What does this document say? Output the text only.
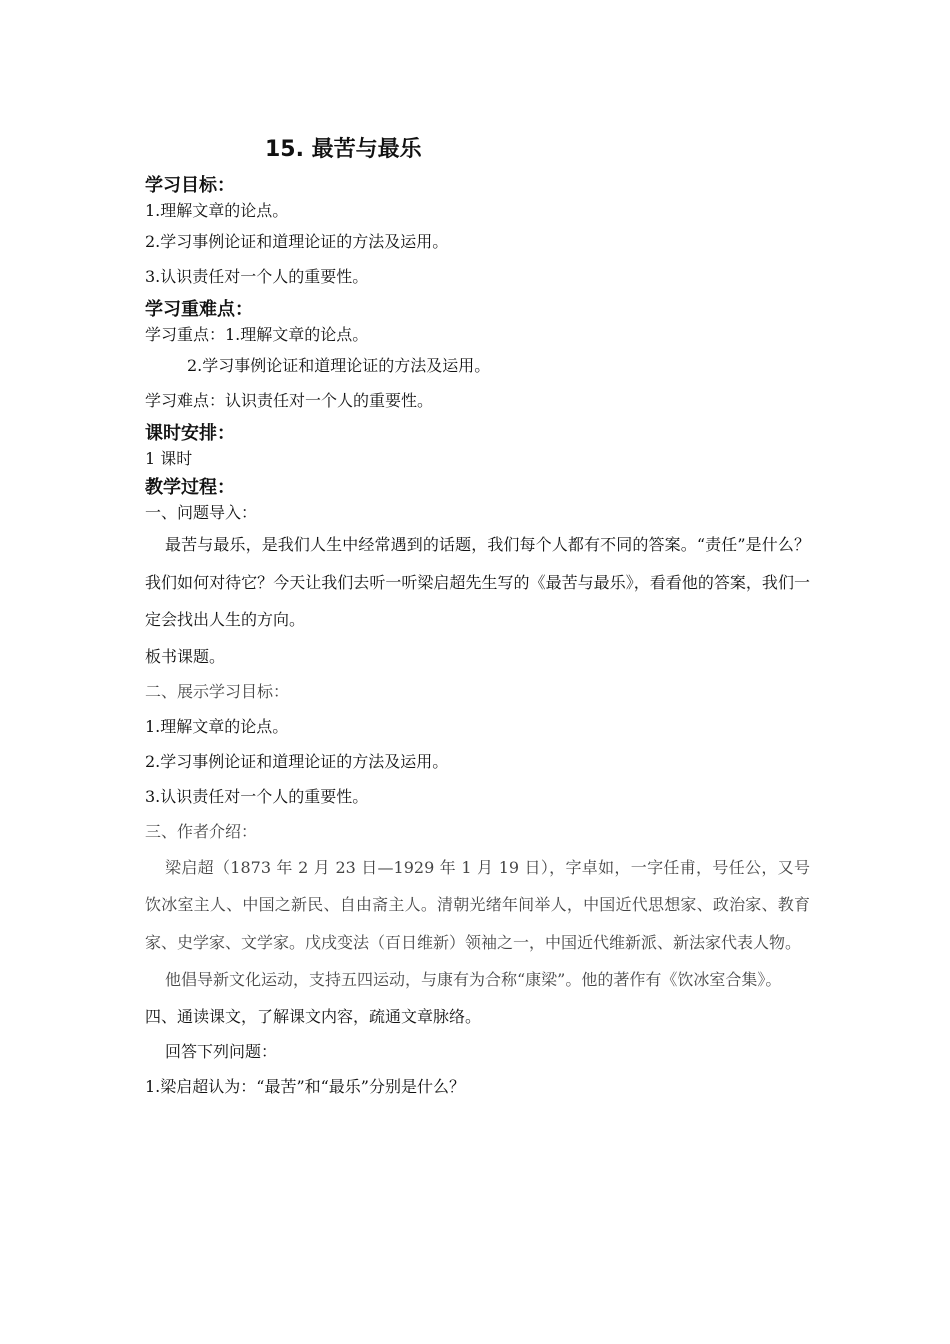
15. 最苦与最乐
学习目标：
1.理解文章的论点。
2.学习事例论证和道理论证的方法及运用。
3.认识责任对一个人的重要性。
学习重难点：
学习重点：1.理解文章的论点。
2.学习事例论证和道理论证的方法及运用。
学习难点：认识责任对一个人的重要性。
课时安排：
1 课时
教学过程：
一、问题导入：
最苦与最乐，是我们人生中经常遇到的话题，我们每个人都有不同的答案。“责任”是什么？我们如何对待它？今天让我们去听一听梁启超先生写的《最苦与最乐》，看看他的答案，我们一定会找出人生的方向。
板书课题。
二、展示学习目标：
1.理解文章的论点。
2.学习事例论证和道理论证的方法及运用。
3.认识责任对一个人的重要性。
三、作者介绍：
梁启超（1873 年 2 月 23 日—1929 年 1 月 19 日），字卓如，一字任甫，号任公，又号饮冰室主人、中国之新民、自由斋主人。清朝光绪年间举人，中国近代思想家、政治家、教育家、史学家、文学家。戊戌变法（百日维新）领袖之一，中国近代维新派、新法家代表人物。
他倡导新文化运动，支持五四运动，与康有为合称“康梁”。他的著作有《饮冰室合集》。
四、通读课文，了解课文内容，疏通文章脉络。
回答下列问题：
1.梁启超认为：“最苦”和“最乐”分别是什么？
